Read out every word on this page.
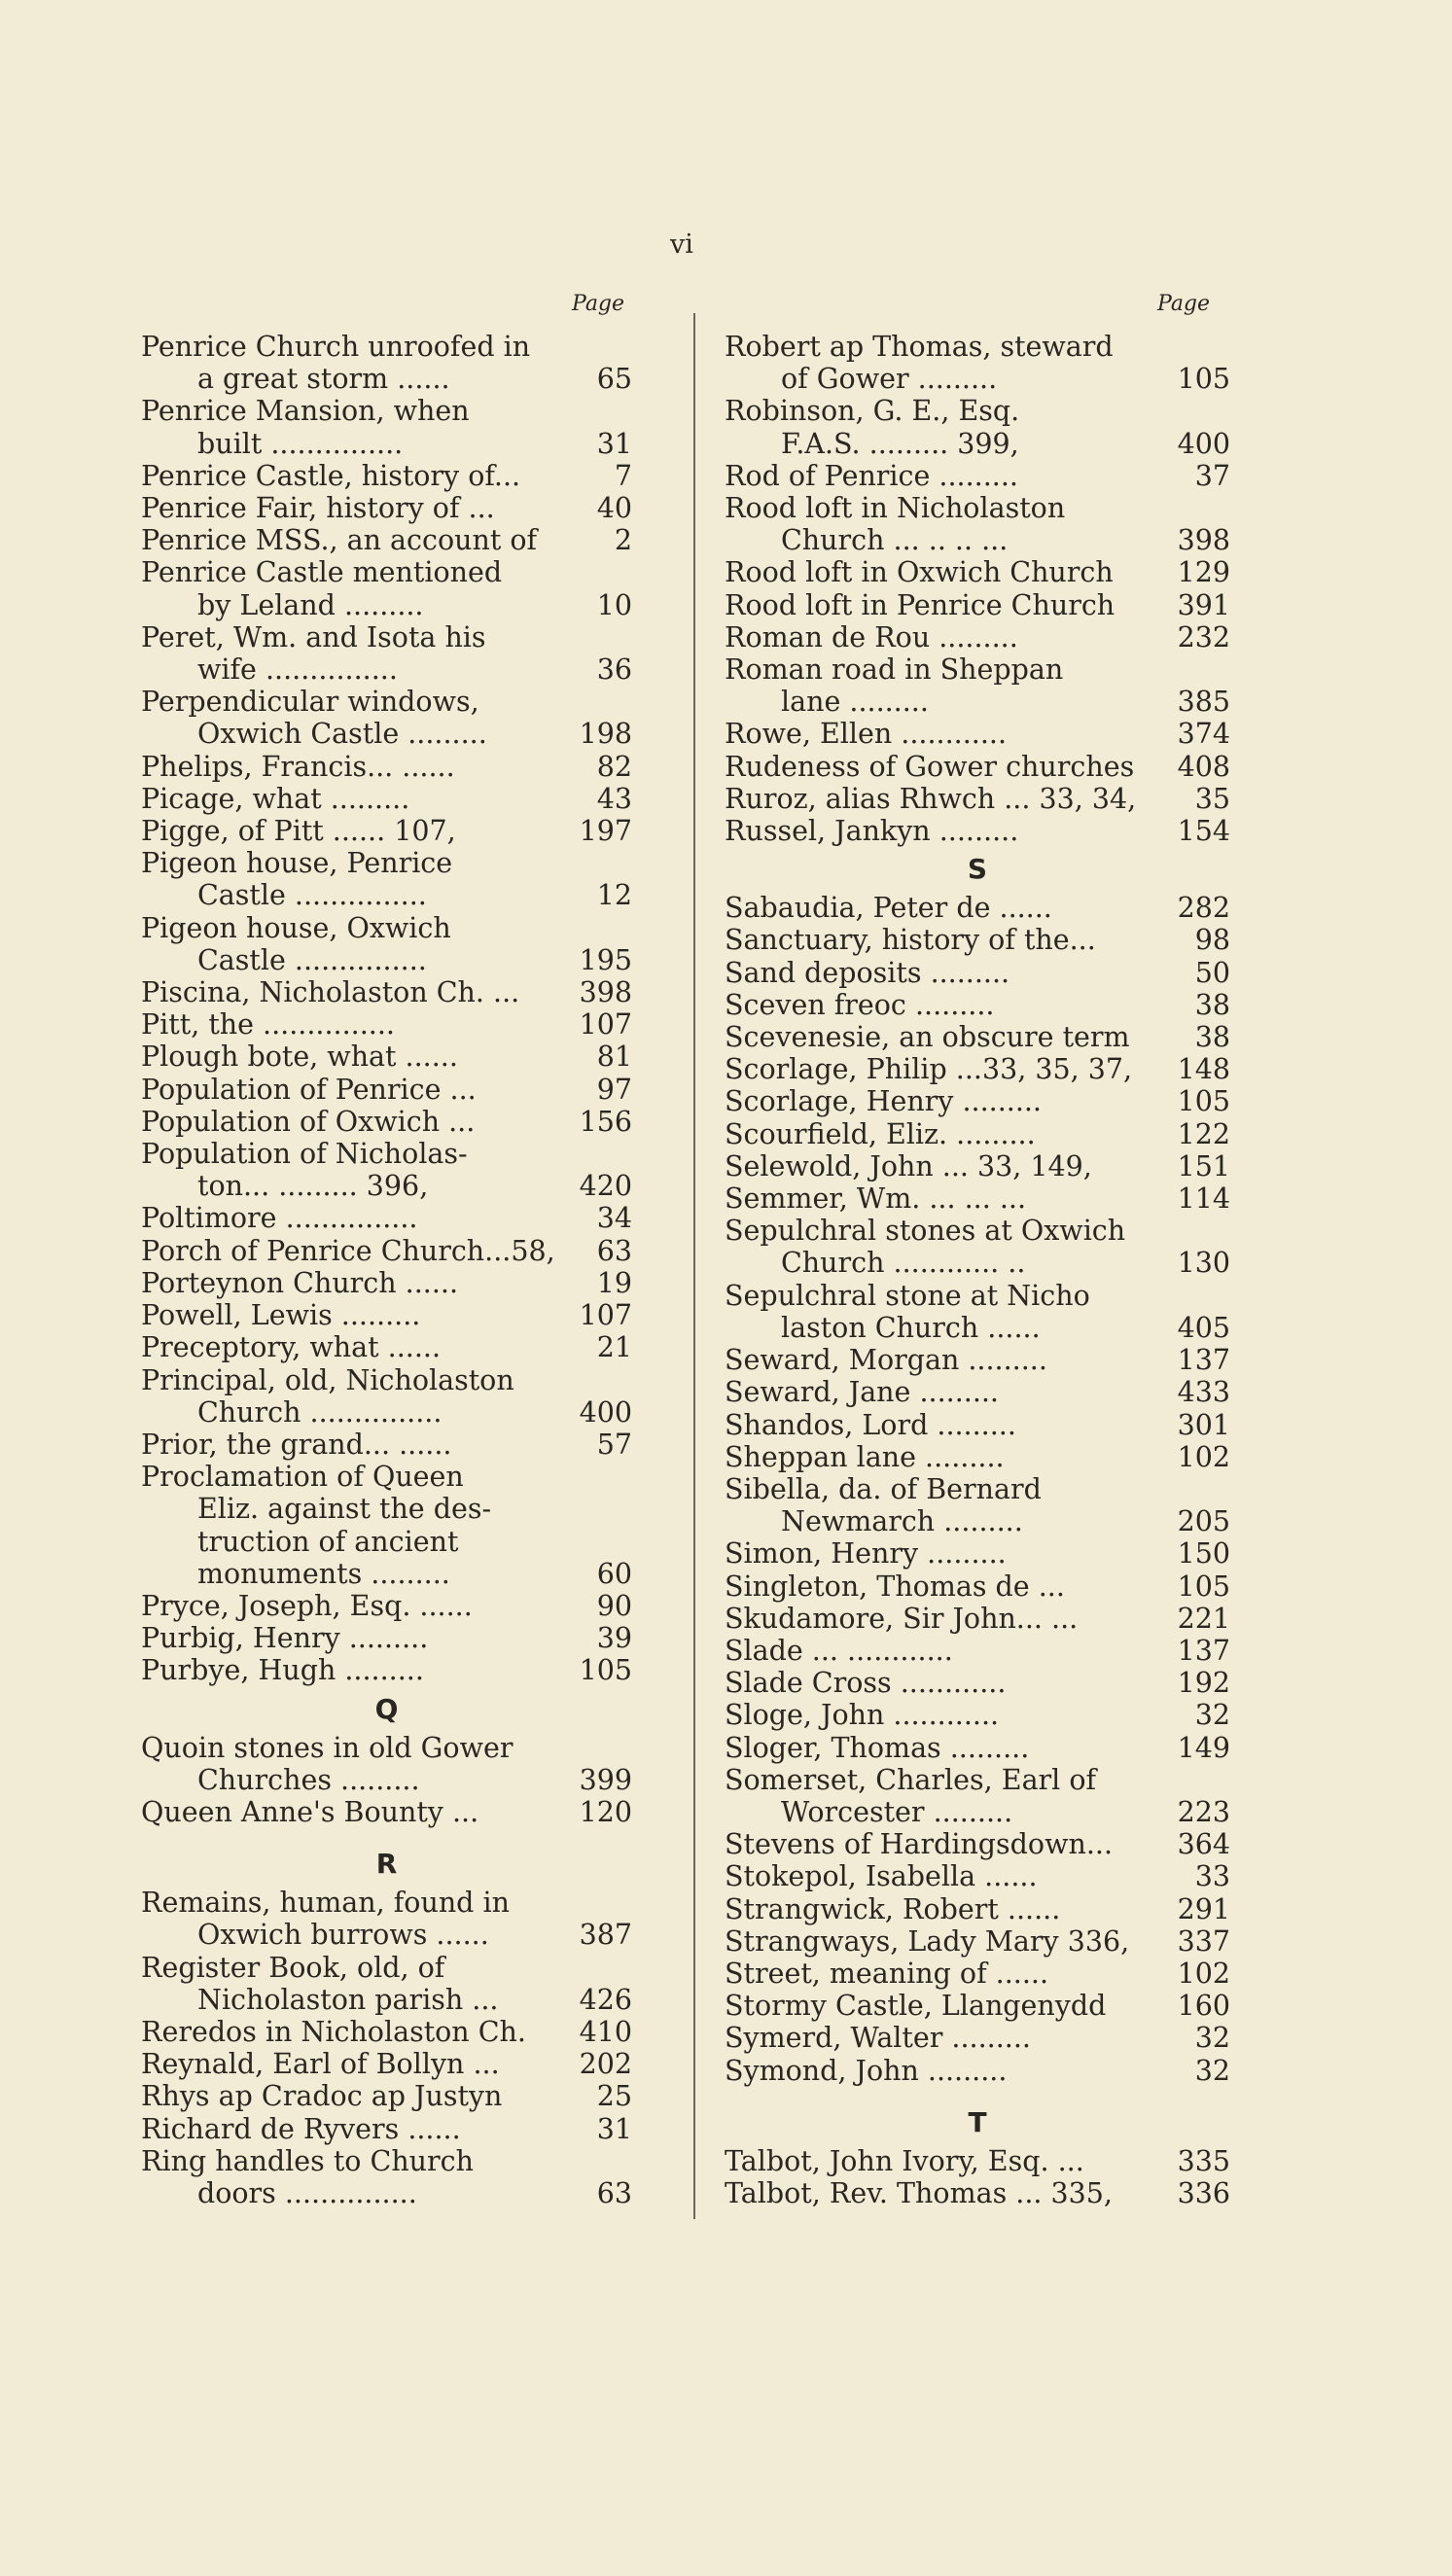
vi
Page	Page
Penrice Church unroofed in
a great storm ......	65
Penrice Mansion, when
built ...............	31
Penrice Castle, history of...	7
Penrice Fair, history of ...	40
Penrice MSS., an account of	2
Penrice Castle mentioned
by Leland .........	10
Peret, Wm. and Isota his
wife ...............	36
Perpendicular windows,
Oxwich Castle .........	198
Phelips, Francis... ......	82
Picage, what .........	43
Pigge, of Pitt ...... 107,	197
Pigeon house, Penrice
Castle ...............	12
Pigeon house, Oxwich
Castle ...............	195
Piscina, Nicholaston Ch. ...	398
Pitt, the ...............	107
Plough bote, what ......	81
Population of Penrice ...	97
Population of Oxwich ...	156
Population of Nicholas-
ton... ......... 396,	420
Poltimore ...............	34
Porch of Penrice Church...58,	63
Porteynon Church ......	19
Powell, Lewis .........	107
Preceptory, what ......	21
Principal, old, Nicholaston
Church ...............	400
Prior, the grand... ......	57
Proclamation of Queen
Eliz. against the des-
truction of ancient
monuments .........	60
Pryce, Joseph, Esq. ......	90
Purbig, Henry .........	39
Purbye, Hugh .........	105
Q
Quoin stones in old Gower
Churches .........	399
Queen Anne's Bounty ...	120
R
Remains, human, found in
Oxwich burrows ......	387
Register Book, old, of
Nicholaston parish ...	426
Reredos in Nicholaston Ch.	410
Reynald, Earl of Bollyn ...	202
Rhys ap Cradoc ap Justyn	25
Richard de Ryvers ......	31
Ring handles to Church
doors ...............	63
Robert ap Thomas, steward
of Gower .........	105
Robinson, G. E., Esq.
F.A.S. ......... 399,	400
Rod of Penrice .........	37
Rood loft in Nicholaston
Church ... .. .. ...	398
Rood loft in Oxwich Church	129
Rood loft in Penrice Church	391
Roman de Rou .........	232
Roman road in Sheppan
lane .........	385
Rowe, Ellen ............	374
Rudeness of Gower churches	408
Ruroz, alias Rhwch ... 33, 34,	35
Russel, Jankyn .........	154
S
Sabaudia, Peter de ......	282
Sanctuary, history of the...	98
Sand deposits .........	50
Sceven freoc .........	38
Scevenesie, an obscure term	38
Scorlage, Philip ...33, 35, 37,	148
Scorlage, Henry .........	105
Scourfield, Eliz. .........	122
Selewold, John ... 33, 149,	151
Semmer, Wm. ... ... ...	114
Sepulchral stones at Oxwich
Church ............ ..	130
Sepulchral stone at Nicho
laston Church ......	405
Seward, Morgan .........	137
Seward, Jane .........	433
Shandos, Lord .........	301
Sheppan lane .........	102
Sibella, da. of Bernard
Newmarch .........	205
Simon, Henry .........	150
Singleton, Thomas de ...	105
Skudamore, Sir John... ...	221
Slade ... ............	137
Slade Cross ............	192
Sloge, John ............	32
Sloger, Thomas .........	149
Somerset, Charles, Earl of
Worcester .........	223
Stevens of Hardingsdown...	364
Stokepol, Isabella ......	33
Strangwick, Robert ......	291
Strangways, Lady Mary 336,	337
Street, meaning of ......	102
Stormy Castle, Llangenydd	160
Symerd, Walter .........	32
Symond, John .........	32
T
Talbot, John Ivory, Esq. ...	335
Talbot, Rev. Thomas ... 335,	336
